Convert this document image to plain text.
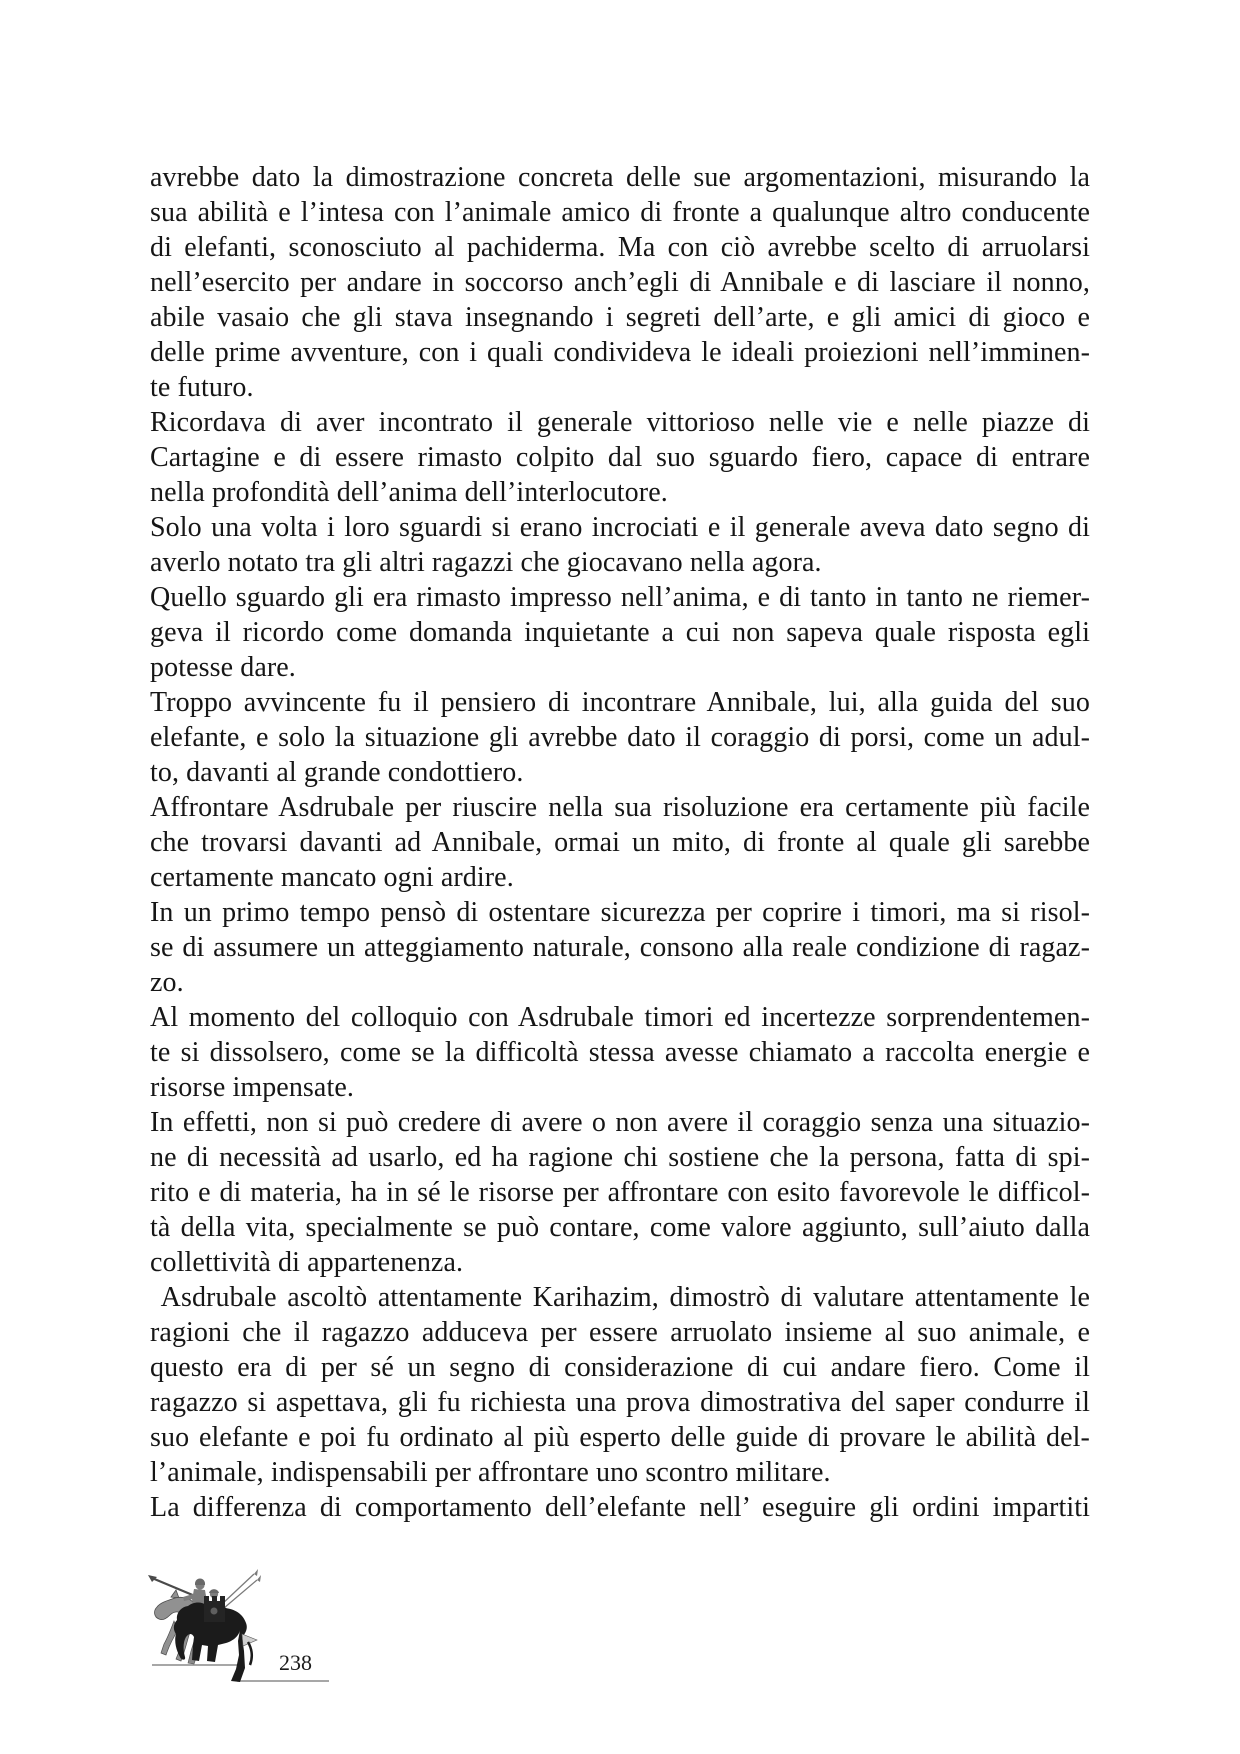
avrebbe dato la dimostrazione concreta delle sue argomentazioni, misurando la
sua abilità e l’intesa con l’animale amico di fronte a qualunque altro conducente
di elefanti, sconosciuto al pachiderma. Ma con ciò avrebbe scelto di arruolarsi
nell’esercito per andare in soccorso anch’egli di Annibale e di lasciare il nonno,
abile vasaio che gli stava insegnando i segreti dell’arte, e gli amici di gioco e
delle prime avventure, con i quali condivideva le ideali proiezioni nell’imminen-
te futuro.
Ricordava di aver incontrato il generale vittorioso nelle vie e nelle piazze di
Cartagine e di essere rimasto colpito dal suo sguardo fiero, capace di entrare
nella profondità dell’anima dell’interlocutore.
Solo una volta i loro sguardi si erano incrociati e il generale aveva dato segno di
averlo notato tra gli altri ragazzi che giocavano nella agora.
Quello sguardo gli era rimasto impresso nell’anima, e di tanto in tanto ne riemer-
geva il ricordo come domanda inquietante a cui non sapeva quale risposta egli
potesse dare.
Troppo avvincente fu il pensiero di incontrare Annibale, lui, alla guida del suo
elefante, e solo la situazione gli avrebbe dato il coraggio di porsi, come un adul-
to, davanti al grande condottiero.
Affrontare Asdrubale per riuscire nella sua risoluzione era certamente più facile
che trovarsi davanti ad Annibale, ormai un mito, di fronte al quale gli sarebbe
certamente mancato ogni ardire.
In un primo tempo pensò di ostentare sicurezza per coprire i timori, ma si risol-
se di assumere un atteggiamento naturale, consono alla reale condizione di ragaz-
zo.
Al momento del colloquio con Asdrubale timori ed incertezze sorprendentemen-
te si dissolsero, come se la difficoltà stessa avesse chiamato a raccolta energie e
risorse impensate.
In effetti, non si può credere di avere o non avere il coraggio senza una situazio-
ne di necessità ad usarlo, ed ha ragione chi sostiene che la persona, fatta di spi-
rito e di materia, ha in sé le risorse per affrontare con esito favorevole le difficol-
tà della vita, specialmente se può contare, come valore aggiunto, sull’aiuto dalla
collettività di appartenenza.
Asdrubale ascoltò attentamente Karihazim, dimostrò di valutare attentamente le
ragioni che il ragazzo adduceva per essere arruolato insieme al suo animale, e
questo era di per sé un segno di considerazione di cui andare fiero. Come il
ragazzo si aspettava, gli fu richiesta una prova dimostrativa del saper condurre il
suo elefante e poi fu ordinato al più esperto delle guide di provare le abilità del-
l’animale, indispensabili per affrontare uno scontro militare.
La differenza di comportamento dell’elefante nell’ eseguire gli ordini impartiti
238
